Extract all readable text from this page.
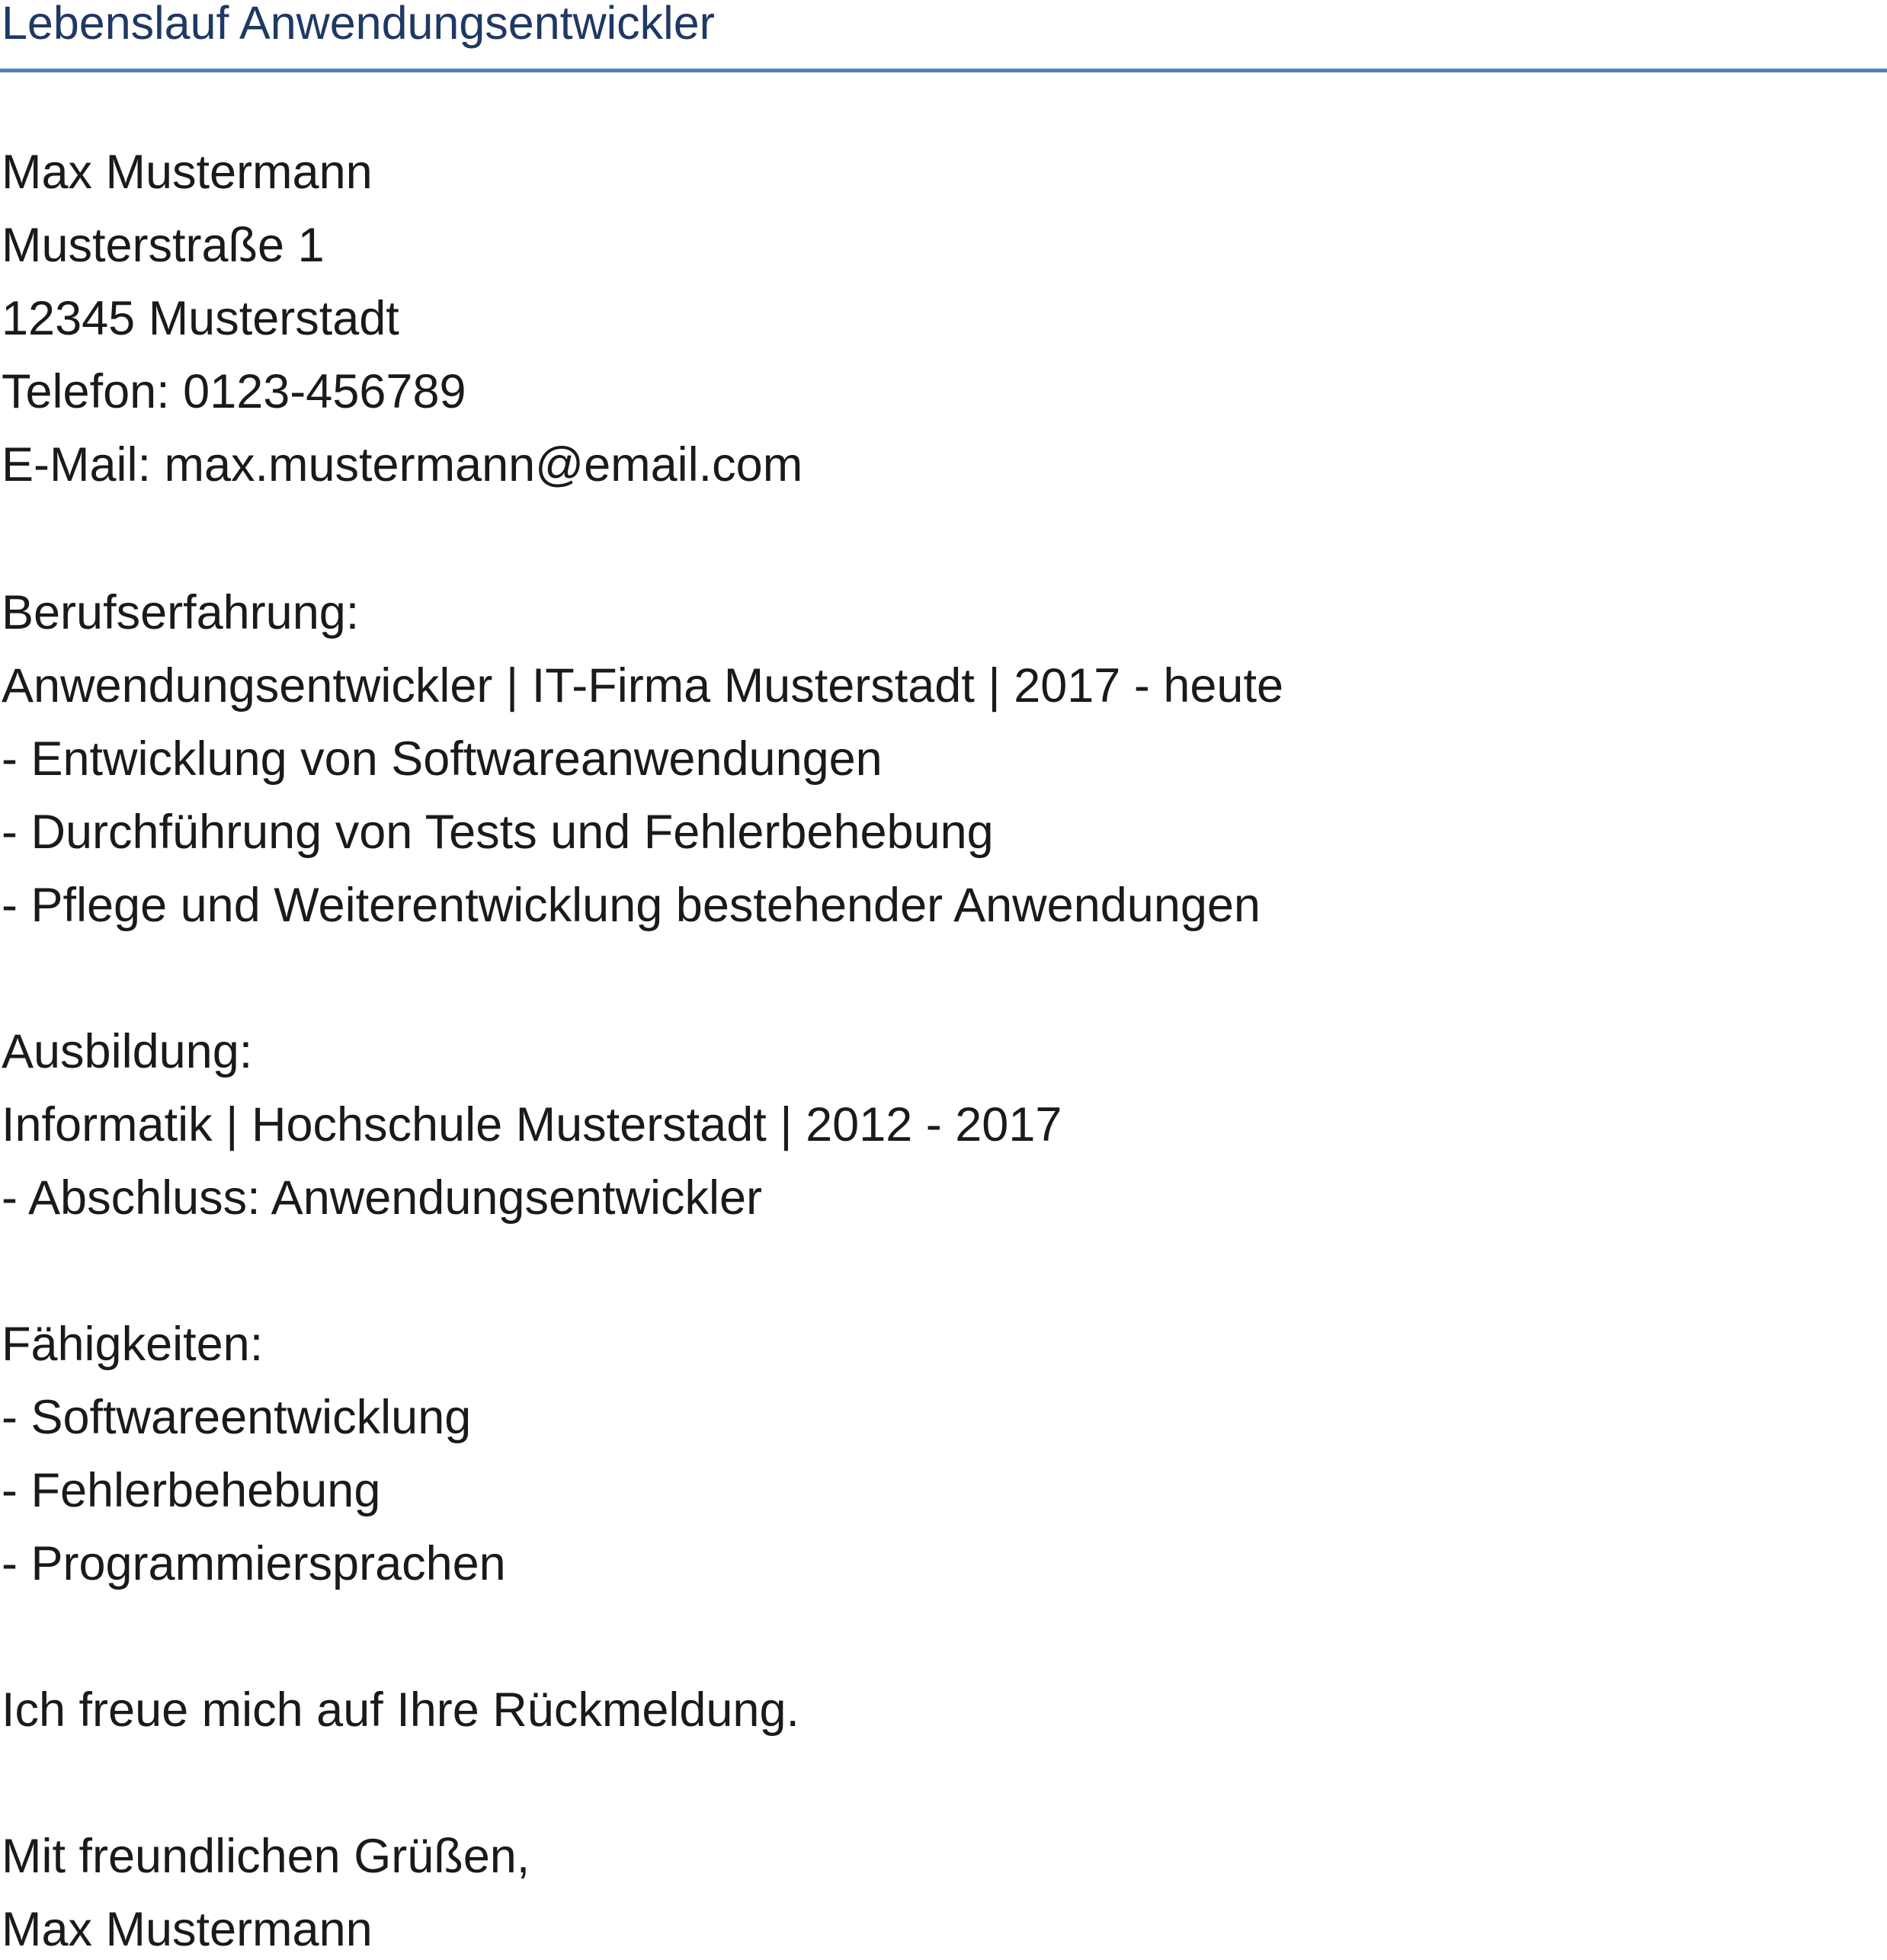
Lebenslauf Anwendungsentwickler
Max Mustermann
Musterstraße 1
12345 Musterstadt
Telefon: 0123-456789
E-Mail: max.mustermann@email.com
Berufserfahrung:
Anwendungsentwickler | IT-Firma Musterstadt | 2017 - heute
- Entwicklung von Softwareanwendungen
- Durchführung von Tests und Fehlerbehebung
- Pflege und Weiterentwicklung bestehender Anwendungen
Ausbildung:
Informatik | Hochschule Musterstadt | 2012 - 2017
- Abschluss: Anwendungsentwickler
Fähigkeiten:
- Softwareentwicklung
- Fehlerbehebung
- Programmiersprachen
Ich freue mich auf Ihre Rückmeldung.
Mit freundlichen Grüßen,
Max Mustermann
